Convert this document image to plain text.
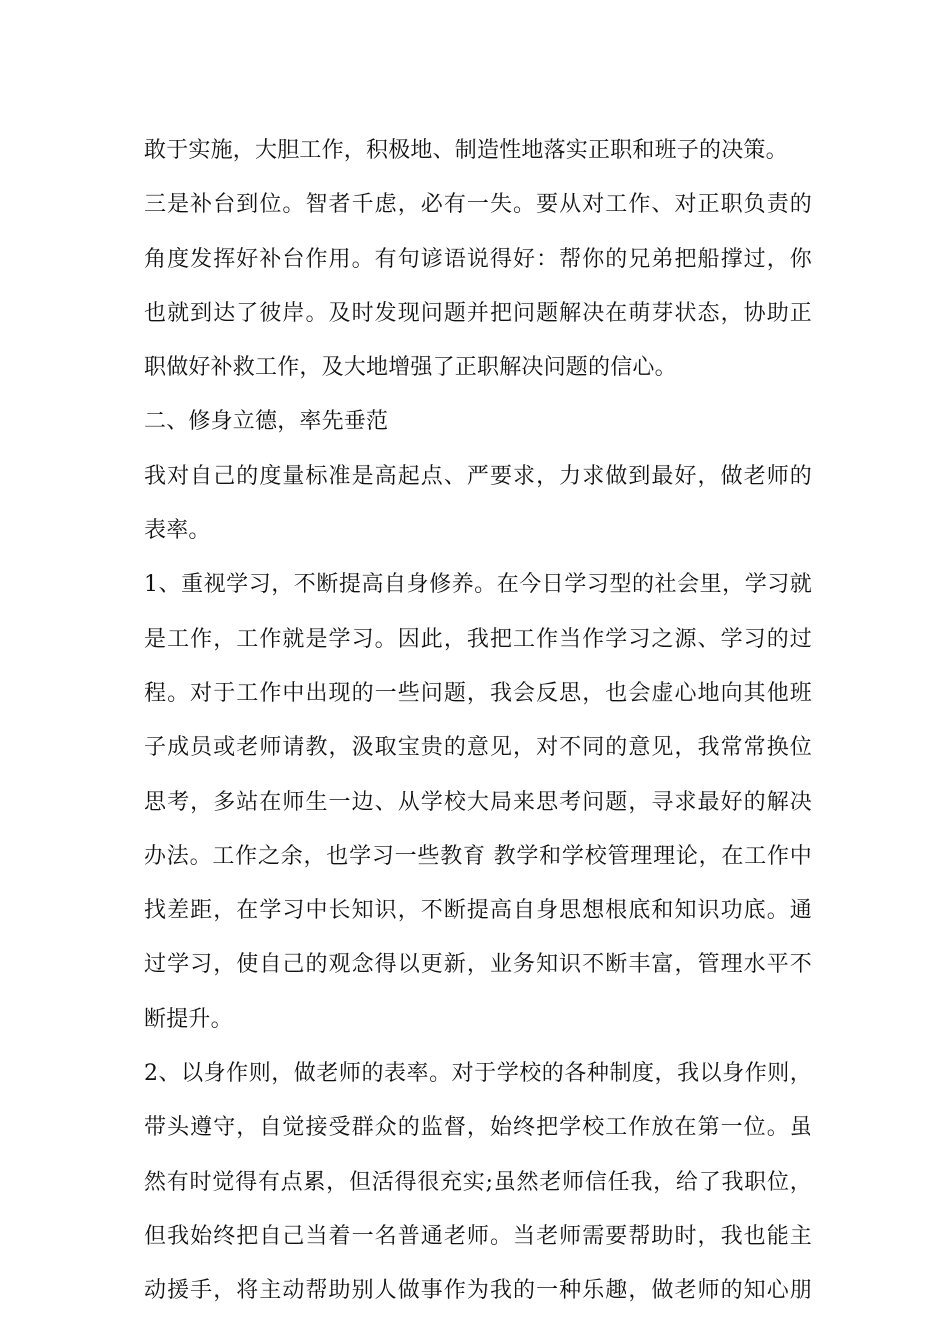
敢于实施，大胆工作，积极地、制造性地落实正职和班子的决策。
三是补台到位。智者千虑，必有一失。要从对工作、对正职负责的
角度发挥好补台作用。有句谚语说得好：帮你的兄弟把船撑过，你
也就到达了彼岸。及时发现问题并把问题解决在萌芽状态，协助正
职做好补救工作，及大地增强了正职解决问题的信心。
二、修身立德，率先垂范
我对自己的度量标准是高起点、严要求，力求做到最好，做老师的
表率。
1、重视学习，不断提高自身修养。在今日学习型的社会里，学习就
是工作，工作就是学习。因此，我把工作当作学习之源、学习的过
程。对于工作中出现的一些问题，我会反思，也会虚心地向其他班
子成员或老师请教，汲取宝贵的意见，对不同的意见，我常常换位
思考，多站在师生一边、从学校大局来思考问题，寻求最好的解决
办法。工作之余，也学习一些教育 教学和学校管理理论，在工作中
找差距，在学习中长知识，不断提高自身思想根底和知识功底。通
过学习，使自己的观念得以更新，业务知识不断丰富，管理水平不
断提升。
2、以身作则，做老师的表率。对于学校的各种制度，我以身作则，
带头遵守，自觉接受群众的监督，始终把学校工作放在第一位。虽
然有时觉得有点累，但活得很充实;虽然老师信任我，给了我职位，
但我始终把自己当着一名普通老师。当老师需要帮助时，我也能主
动援手，将主动帮助别人做事作为我的一种乐趣，做老师的知心朋
